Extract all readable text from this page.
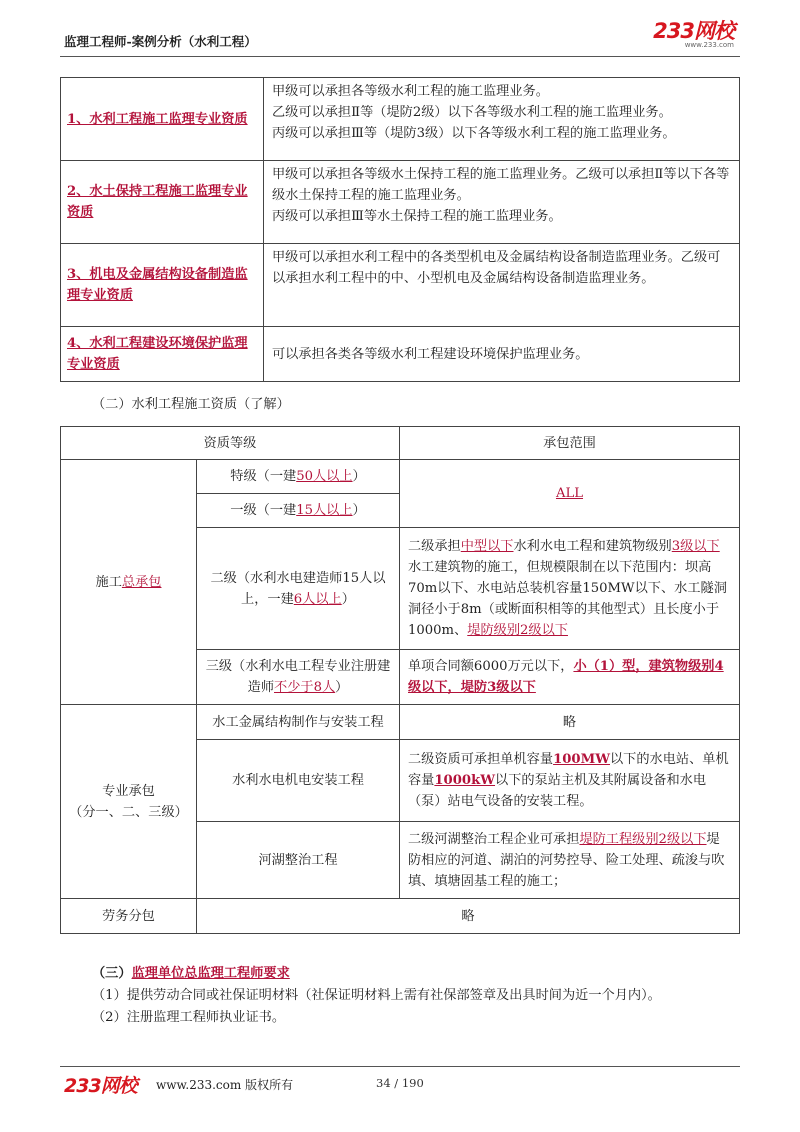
监理工程师-案例分析（水利工程）	233网校
www.233.com
1、水利工程施工监理专业资质	甲级可以承担各等级水利工程的施工监理业务。
乙级可以承担Ⅱ等（堤防2级）以下各等级水利工程的施工监理业务。
丙级可以承担Ⅲ等（堤防3级）以下各等级水利工程的施工监理业务。

2、水土保持工程施工监理专业资质	甲级可以承担各等级水土保持工程的施工监理业务。乙级可以承担Ⅱ等以下各等级水土保持工程的施工监理业务。
丙级可以承担Ⅲ等水土保持工程的施工监理业务。

3、机电及金属结构设备制造监理专业资质	甲级可以承担水利工程中的各类型机电及金属结构设备制造监理业务。乙级可以承担水利工程中的中、小型机电及金属结构设备制造监理业务。

4、水利工程建设环境保护监理专业资质	可以承担各类各等级水利工程建设环境保护监理业务。
（二）水利工程施工资质（了解）
资质等级		承包范围
施工总承包	特级（一建50人以上）	ALL
	一级（一建15人以上）	
	二级（水利水电建造师15人以上，一建6人以上）	二级承担中型以下水利水电工程和建筑物级别3级以下水工建筑物的施工，但规模限制在以下范围内：坝高70m以下、水电站总装机容量150MW以下、水工隧洞洞径小于8m（或断面积相等的其他型式）且长度小于1000m、堤防级别2级以下
	三级（水利水电工程专业注册建造师不少于8人）	单项合同额6000万元以下，小（1）型，建筑物级别4级以下，堤防3级以下

专业承包
（分一、二、三级）	水工金属结构制作与安装工程	略
	水利水电机电安装工程	二级资质可承担单机容量100MW以下的水电站、单机容量1000kW以下的泵站主机及其附属设备和水电（泵）站电气设备的安装工程。
	河湖整治工程	二级河湖整治工程企业可承担堤防工程级别2级以下堤防相应的河道、湖泊的河势控导、险工处理、疏浚与吹填、填塘固基工程的施工；
劳务分包	略	
（三）监理单位总监理工程师要求
（1）提供劳动合同或社保证明材料（社保证明材料上需有社保部签章及出具时间为近一个月内）。
（2）注册监理工程师执业证书。
233网校 www.233.com 版权所有	34 / 190
